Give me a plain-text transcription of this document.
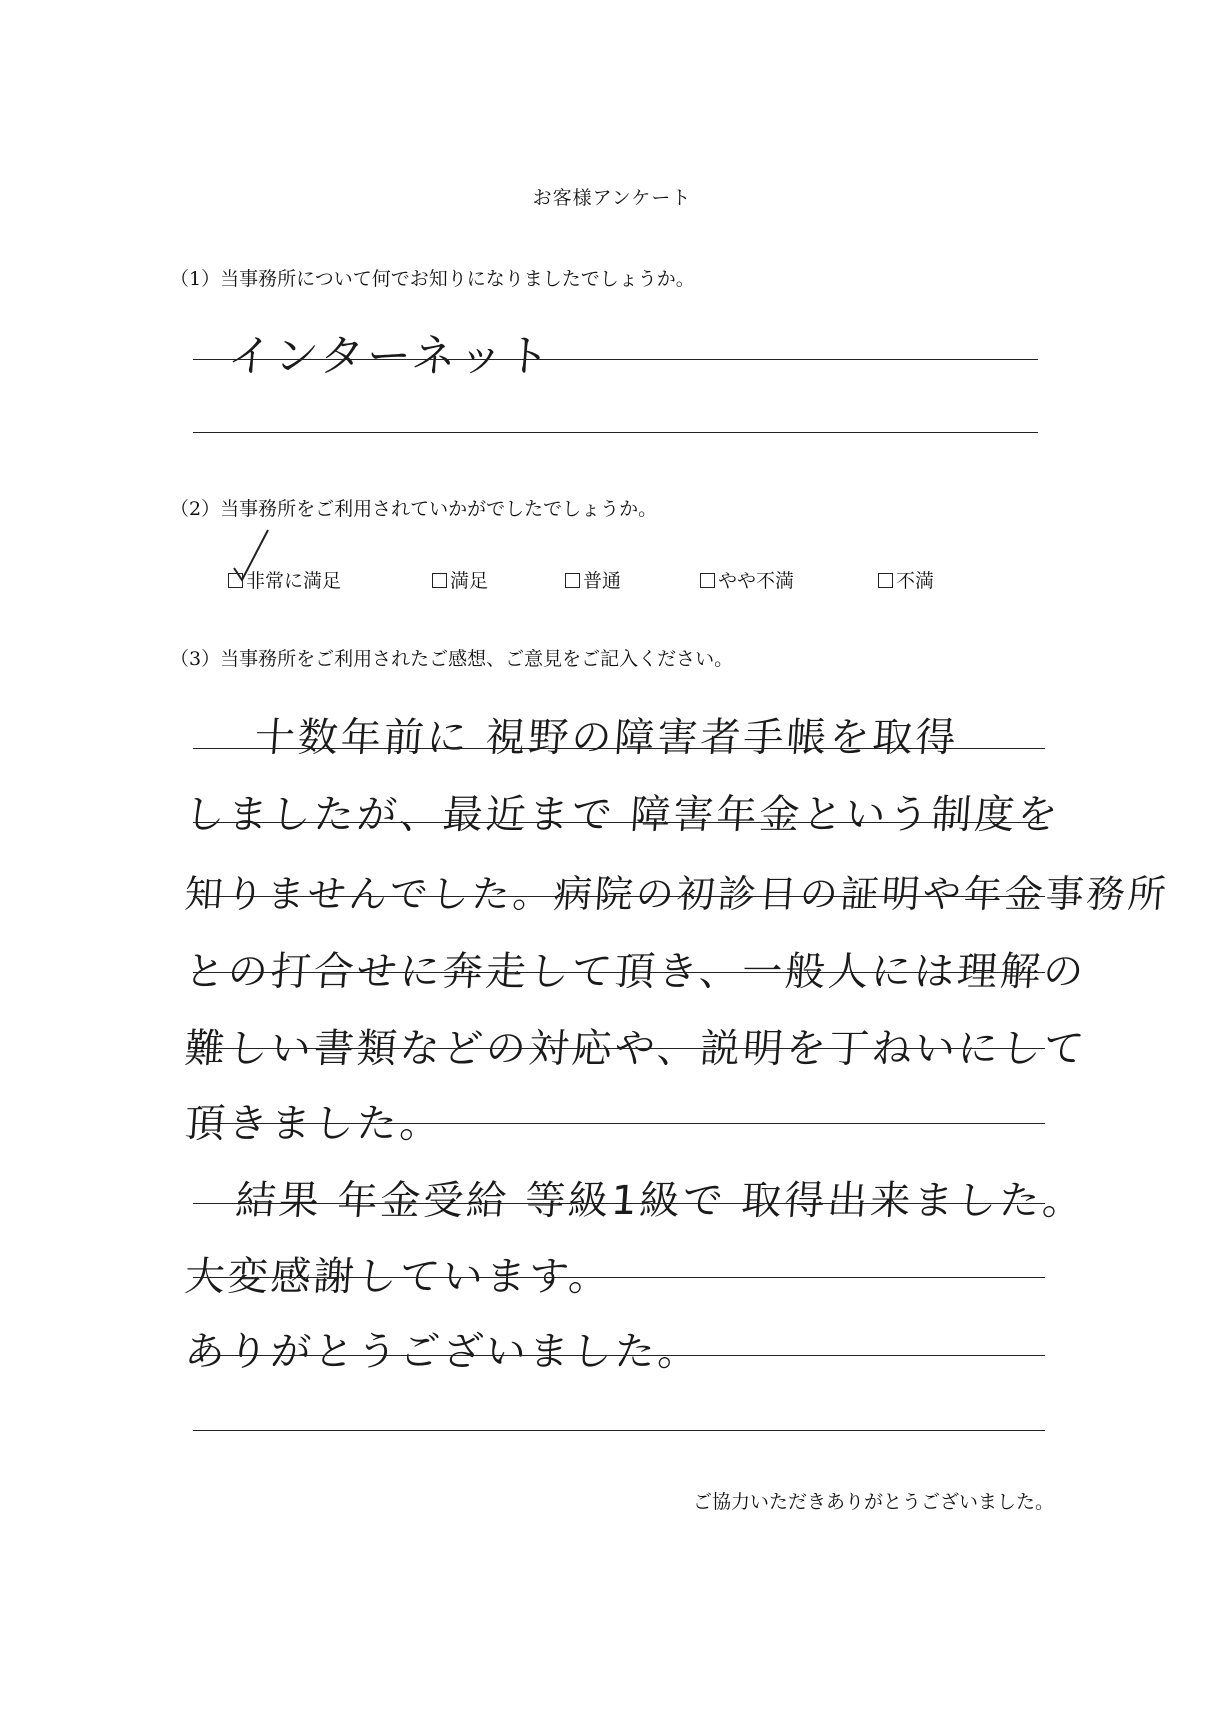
お客様アンケート
（1）当事務所について何でお知りになりましたでしょうか。
インターネット
（2）当事務所をご利用されていかがでしたでしょうか。
非常に満足	満足	普通	やや不満	不満
（3）当事務所をご利用されたご感想、ご意見をご記入ください。
十数年前に 視野の障害者手帳を取得
しましたが、最近まで 障害年金という制度を
知りませんでした。病院の初診日の証明や年金事務所
との打合せに奔走して頂き、一般人には理解の
難しい書類などの対応や、説明を丁ねいにして
頂きました。
結果 年金受給 等級1級で 取得出来ました。
大変感謝しています。
ありがとうございました。
ご協力いただきありがとうございました。
